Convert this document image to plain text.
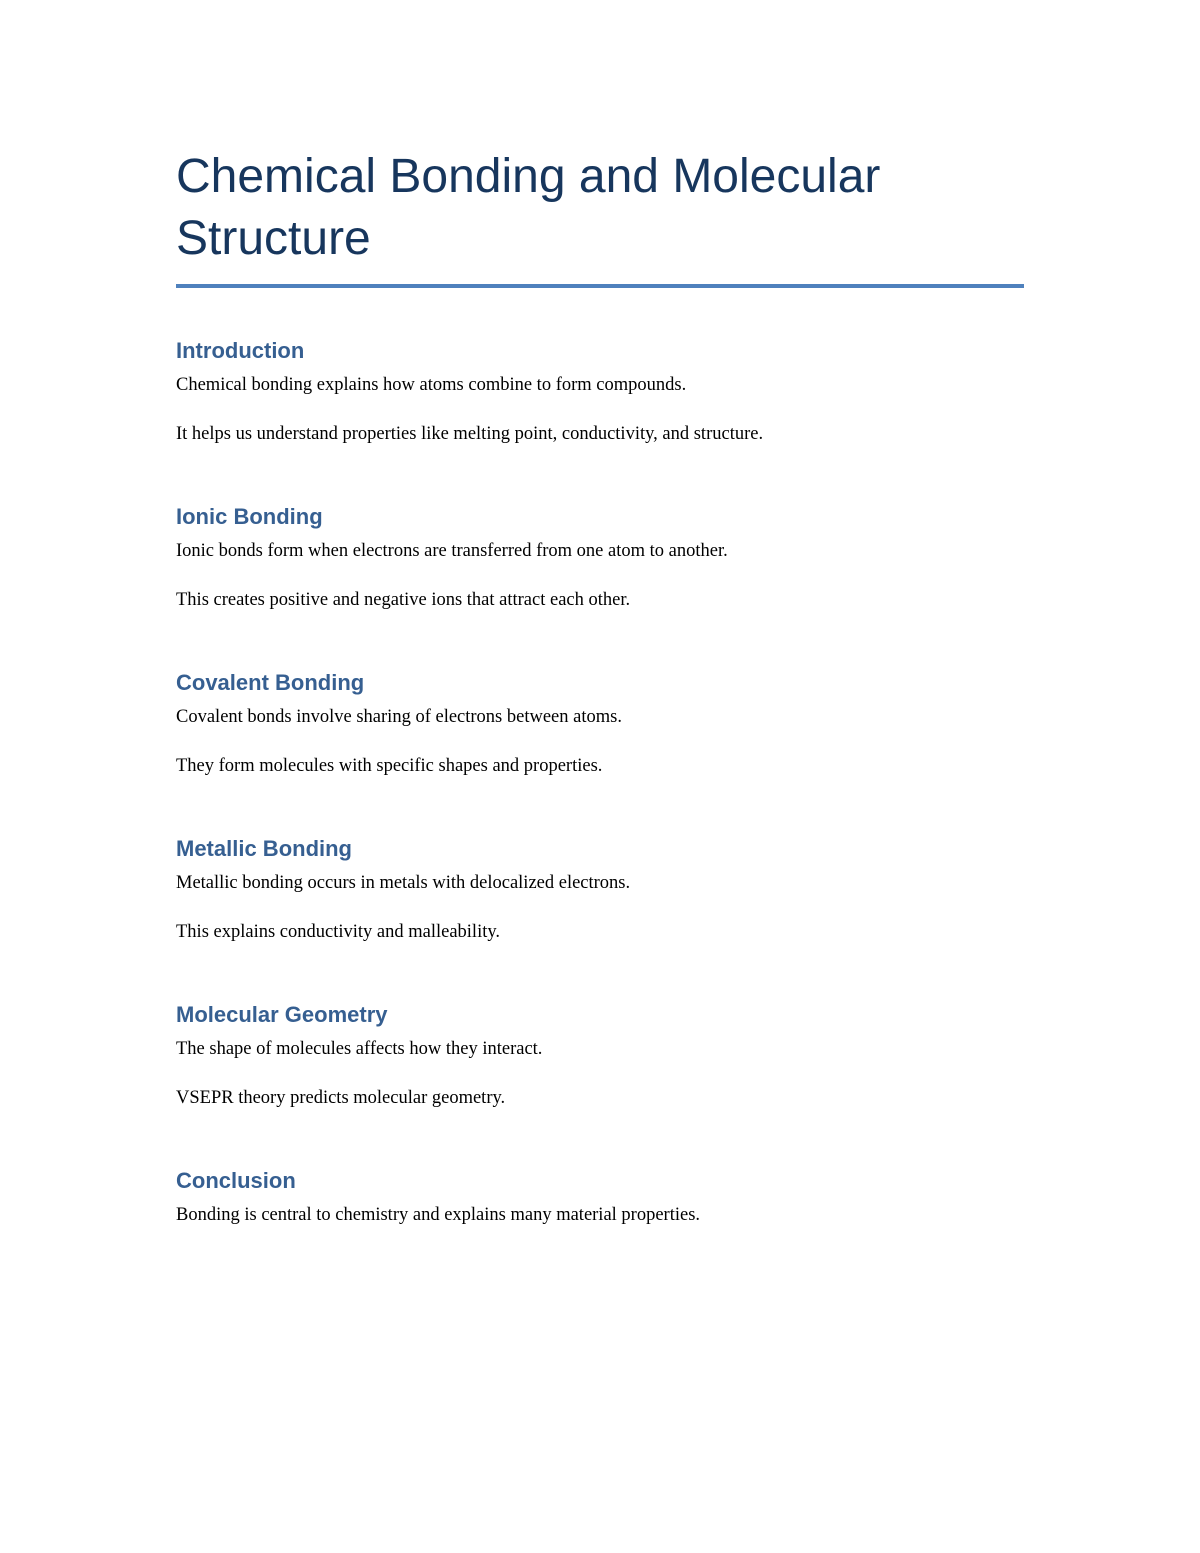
Chemical Bonding and Molecular Structure
Introduction

Chemical bonding explains how atoms combine to form compounds.

It helps us understand properties like melting point, conductivity, and structure.

Ionic Bonding

Ionic bonds form when electrons are transferred from one atom to another.

This creates positive and negative ions that attract each other.

Covalent Bonding

Covalent bonds involve sharing of electrons between atoms.

They form molecules with specific shapes and properties.

Metallic Bonding

Metallic bonding occurs in metals with delocalized electrons.

This explains conductivity and malleability.

Molecular Geometry

The shape of molecules affects how they interact.

VSEPR theory predicts molecular geometry.

Conclusion

Bonding is central to chemistry and explains many material properties.
